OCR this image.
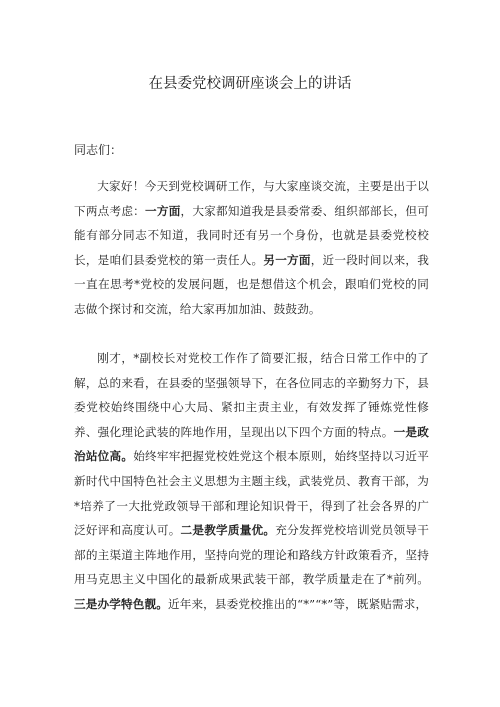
在县委党校调研座谈会上的讲话

同志们：

大家好！今天到党校调研工作，与大家座谈交流，主要是出于以下两点考虑：一方面，大家都知道我是县委常委、组织部部长，但可能有部分同志不知道，我同时还有另一个身份，也就是县委党校校长，是咱们县委党校的第一责任人。另一方面，近一段时间以来，我一直在思考*党校的发展问题，也是想借这个机会，跟咱们党校的同志做个探讨和交流，给大家再加加油、鼓鼓劲。

刚才，*副校长对党校工作作了简要汇报，结合日常工作中的了解，总的来看，在县委的坚强领导下，在各位同志的辛勤努力下，县委党校始终围绕中心大局、紧扣主责主业，有效发挥了锤炼党性修养、强化理论武装的阵地作用，呈现出以下四个方面的特点。一是政治站位高。始终牢牢把握党校姓党这个根本原则，始终坚持以习近平新时代中国特色社会主义思想为主题主线，武装党员、教育干部，为*培养了一大批党政领导干部和理论知识骨干，得到了社会各界的广泛好评和高度认可。二是教学质量优。充分发挥党校培训党员领导干部的主渠道主阵地作用，坚持向党的理论和路线方针政策看齐，坚持用马克思主义中国化的最新成果武装干部，教学质量走在了*前列。三是办学特色靓。近年来，县委党校推出的“*”“*”等，既紧贴需求，
